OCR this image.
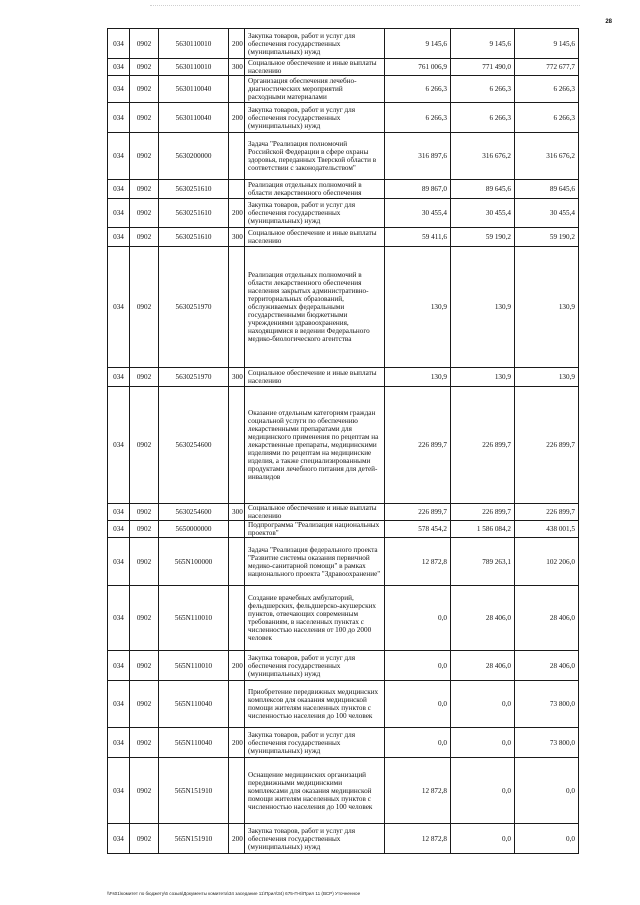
28
034	0902	5630110010	200	Закупка товаров, работ и услуг для обеспечения государственных (муниципальных) нужд	9 145,6	9 145,6	9 145,6
034	0902	5630110010	300	Социальное обеспечение и иные выплаты населению	761 006,9	771 490,0	772 677,7
034	0902	5630110040		Организация обеспечения лечебно-диагностических мероприятий расходными материалами	6 266,3	6 266,3	6 266,3
034	0902	5630110040	200	Закупка товаров, работ и услуг для обеспечения государственных (муниципальных) нужд	6 266,3	6 266,3	6 266,3
034	0902	5630200000		Задача "Реализация полномочий Российской Федерации в сфере охраны здоровья, переданных Тверской области в соответствии с законодательством"	316 897,6	316 676,2	316 676,2
034	0902	5630251610		Реализация отдельных полномочий в области лекарственного обеспечения	89 867,0	89 645,6	89 645,6
034	0902	5630251610	200	Закупка товаров, работ и услуг для обеспечения государственных (муниципальных) нужд	30 455,4	30 455,4	30 455,4
034	0902	5630251610	300	Социальное обеспечение и иные выплаты населению	59 411,6	59 190,2	59 190,2
034	0902	5630251970		Реализация отдельных полномочий в области лекарственного обеспечения населения закрытых административно-территориальных образований, обслуживаемых федеральными государственными бюджетными учреждениями здравоохранения, находящимися в ведении Федерального медико-биологического агентства	130,9	130,9	130,9
034	0902	5630251970	300	Социальное обеспечение и иные выплаты населению	130,9	130,9	130,9
034	0902	5630254600		Оказание отдельным категориям граждан социальной услуги по обеспечению лекарственными препаратами для медицинского применения по рецептам на лекарственные препараты, медицинскими изделиями по рецептам на медицинские изделия, а также специализированными продуктами лечебного питания для детей-инвалидов	226 899,7	226 899,7	226 899,7
034	0902	5630254600	300	Социальное обеспечение и иные выплаты населению	226 899,7	226 899,7	226 899,7
034	0902	5650000000		Подпрограмма "Реализация национальных проектов"	578 454,2	1 586 084,2	438 001,5
034	0902	565N100000		Задача "Реализация федерального проекта "Развитие системы оказания первичной медико-санитарной помощи" в рамках национального проекта "Здравоохранение"	12 872,8	789 263,1	102 206,0
034	0902	565N110010		Создание врачебных амбулаторий, фельдшерских, фельдшерско-акушерских пунктов, отвечающих современным требованиям, в населенных пунктах с численностью населения от 100 до 2000 человек	0,0	28 406,0	28 406,0
034	0902	565N110010	200	Закупка товаров, работ и услуг для обеспечения государственных (муниципальных) нужд	0,0	28 406,0	28 406,0
034	0902	565N110040		Приобретение передвижных медицинских комплексов для оказания медицинской помощи жителям населенных пунктов с численностью населения до 100 человек	0,0	0,0	73 800,0
034	0902	565N110040	200	Закупка товаров, работ и услуг для обеспечения государственных (муниципальных) нужд	0,0	0,0	73 800,0
034	0902	565N151910		Оснащение медицинских организаций передвижными медицинскими комплексами для оказания медицинской помощи жителям населенных пунктов с численностью населения до 100 человек	12 872,8	0,0	0,0
034	0902	565N151910	200	Закупка товаров, работ и услуг для обеспечения государственных (муниципальных) нужд	12 872,8	0,0	0,0
\\Fs01\комитет по бюджету\6 созыв\Документы комитета\34 заседание 11\Прил\34) 675-П-6\Прил 11 (ВСР) Уточненное
